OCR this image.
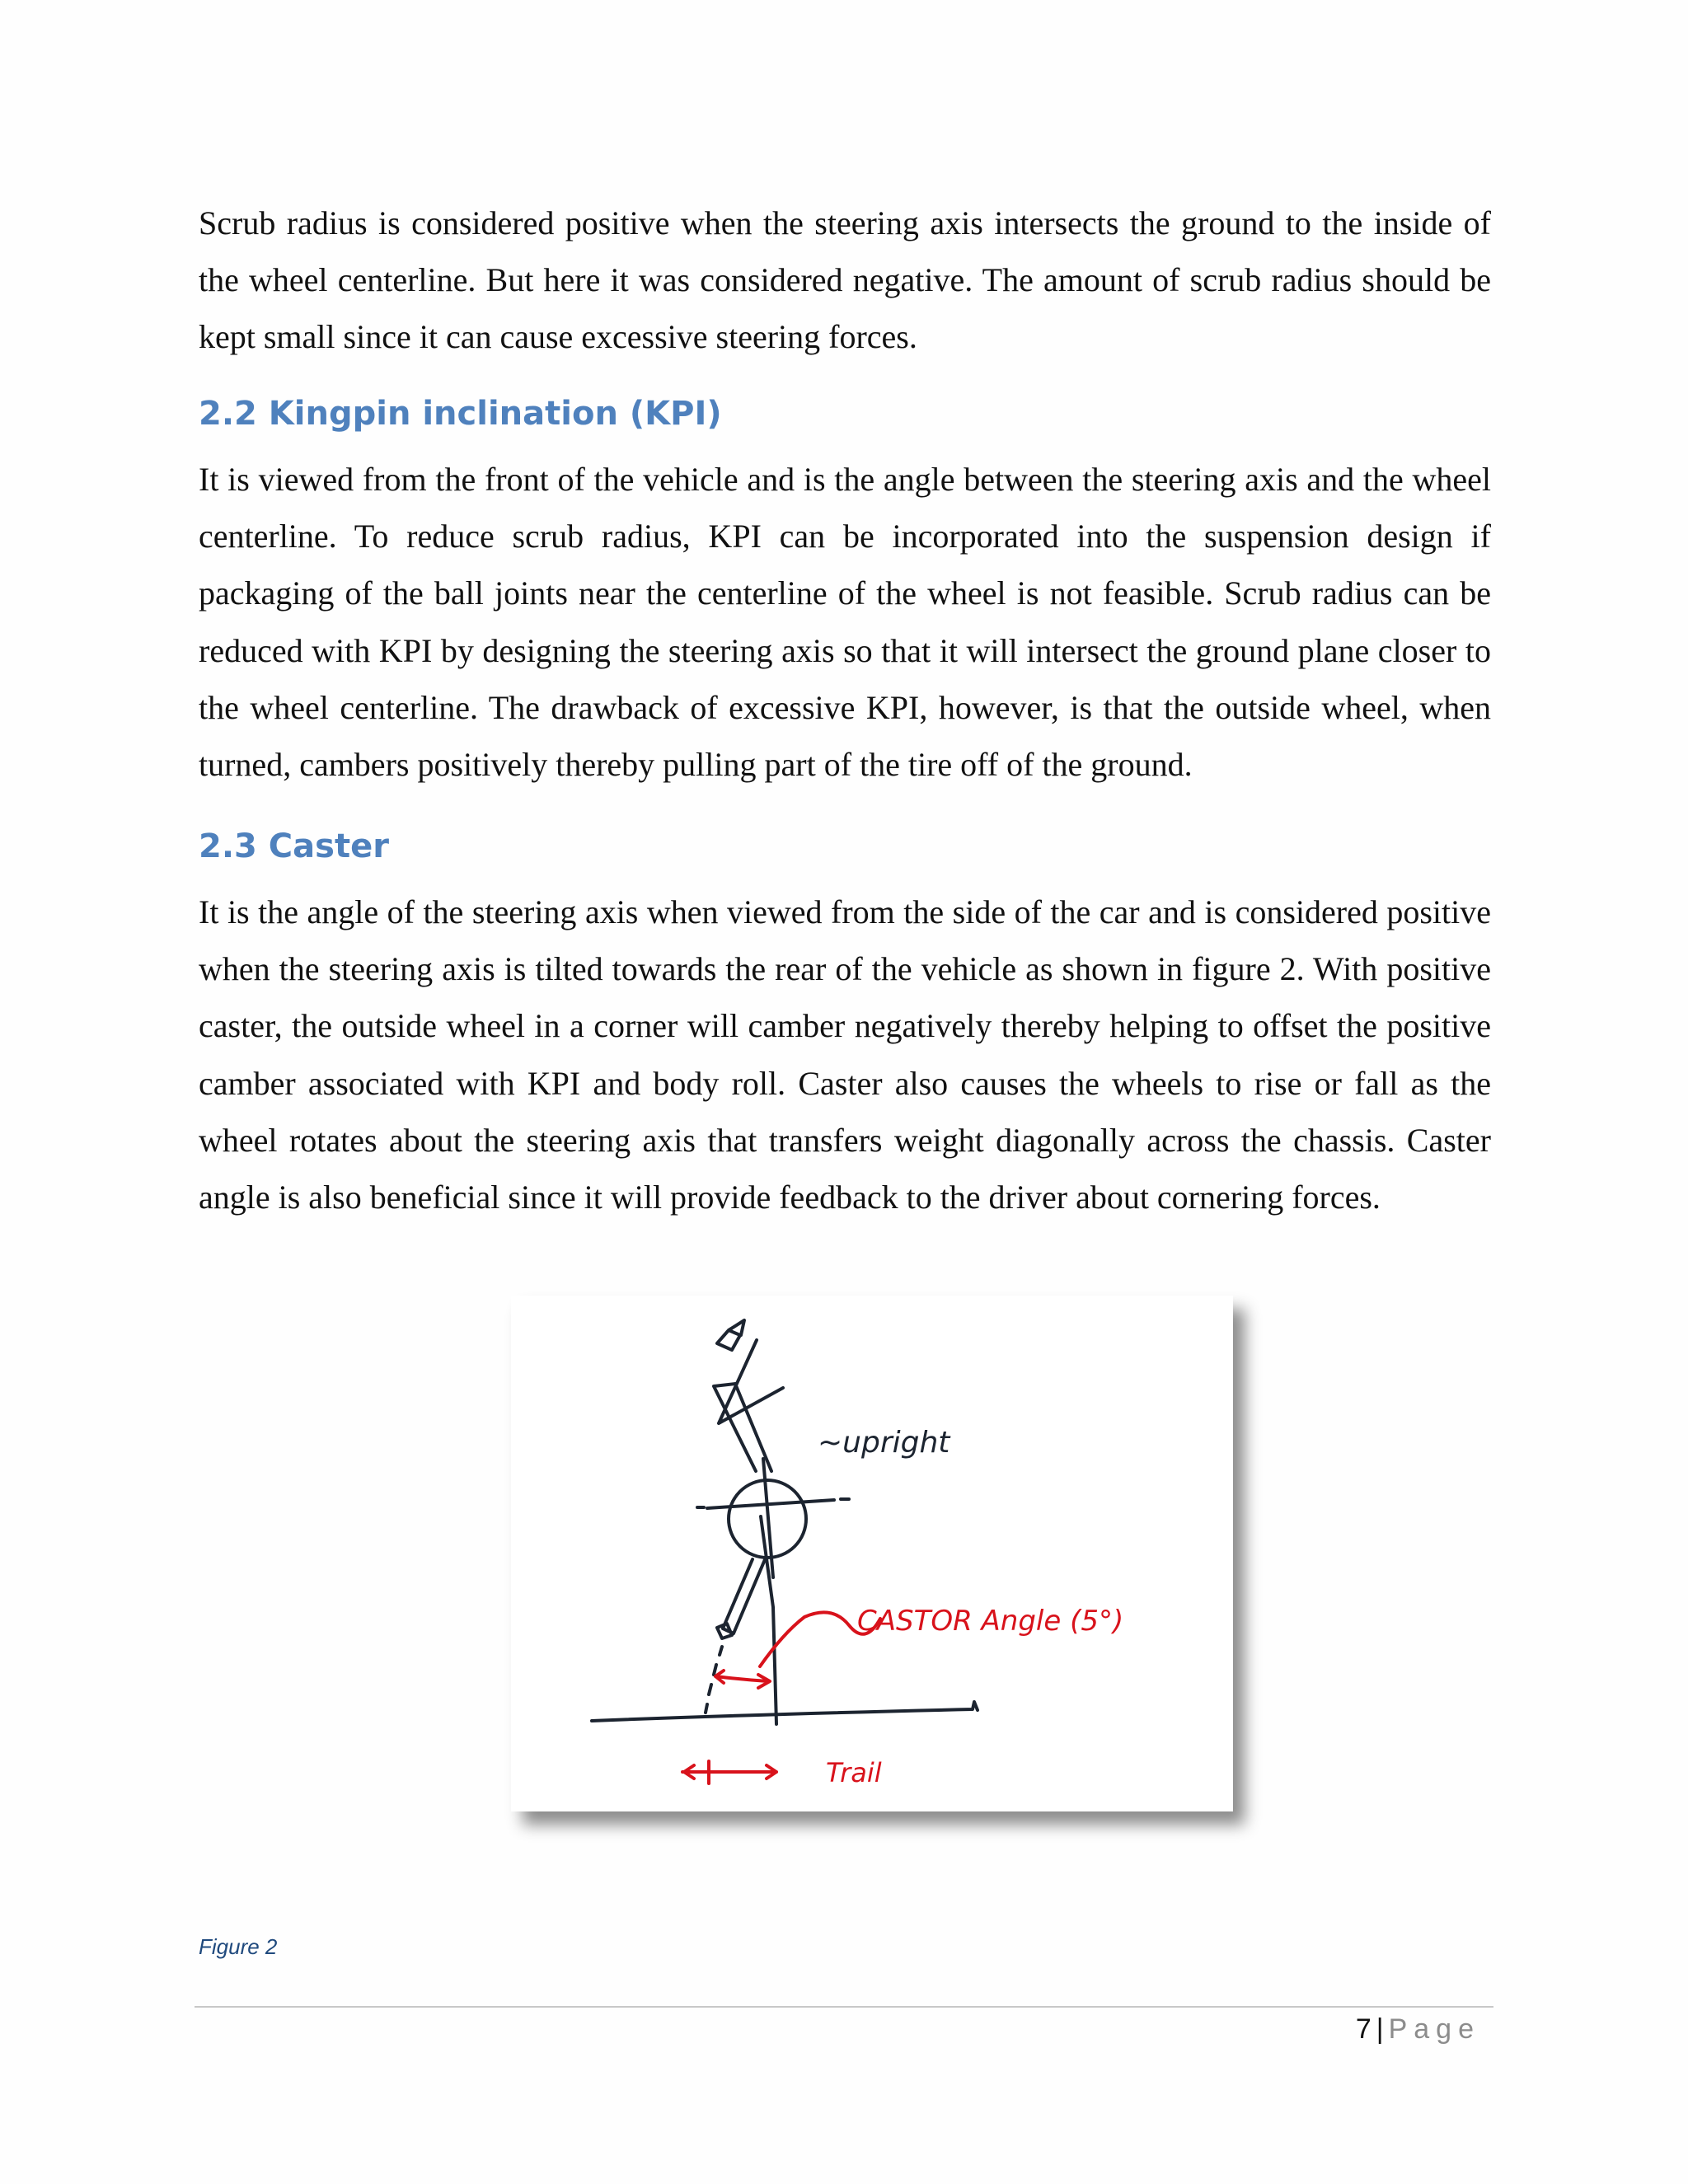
Scrub radius is considered positive when the steering axis intersects the ground to the inside of the wheel centerline. But here it was considered negative. The amount of scrub radius should be kept small since it can cause excessive steering forces.

2.2 Kingpin inclination (KPI)

It is viewed from the front of the vehicle and is the angle between the steering axis and the wheel centerline. To reduce scrub radius, KPI can be incorporated into the suspension design if packaging of the ball joints near the centerline of the wheel is not feasible. Scrub radius can be reduced with KPI by designing the steering axis so that it will intersect the ground plane closer to the wheel centerline. The drawback of excessive KPI, however, is that the outside wheel, when turned, cambers positively thereby pulling part of the tire off of the ground.

2.3 Caster

It is the angle of the steering axis when viewed from the side of the car and is considered positive when the steering axis is tilted towards the rear of the vehicle as shown in figure 2. With positive caster, the outside wheel in a corner will camber negatively thereby helping to offset the positive camber associated with KPI and body roll. Caster also causes the wheels to rise or fall as the wheel rotates about the steering axis that transfers weight diagonally across the chassis. Caster angle is also beneficial since it will provide feedback to the driver about cornering forces.

~upright
CASTOR Angle (5°)
Trail
Figure 2
7 | Page
